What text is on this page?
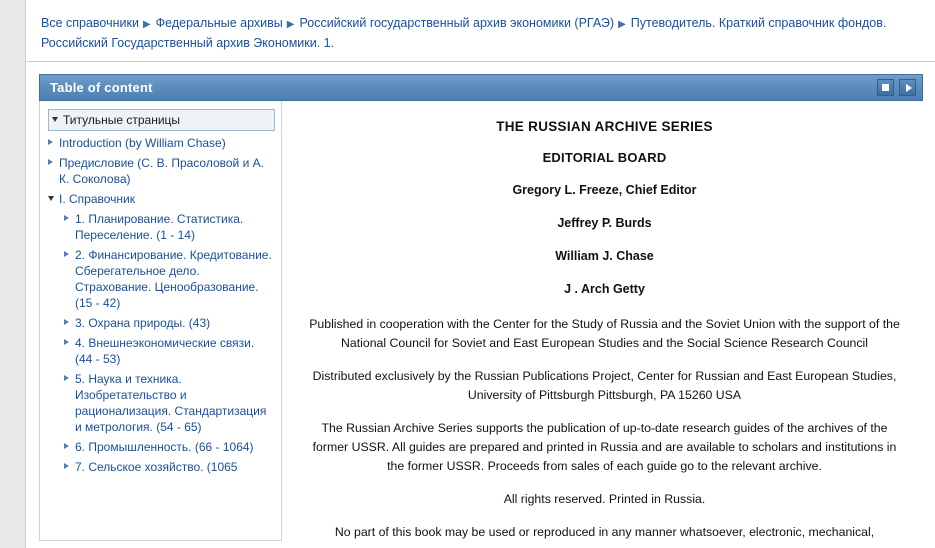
Все справочники ▶ Федеральные архивы ▶ Российский государственный архив экономики (РГАЭ) ▶ Путеводитель. Краткий справочник фондов. Российский Государственный архив Экономики. 1.
Table of content
Титульные страницы
Introduction (by William Chase)
Предисловие (С. В. Прасоловой и А. К. Соколова)
I. Справочник
1. Планирование. Статистика. Переселение. (1 - 14)
2. Финансирование. Кредитование. Сберегательное дело. Страхование. Ценообразование. (15 - 42)
3. Охрана природы. (43)
4. Внешнеэкономические связи. (44 - 53)
5. Наука и техника. Изобретательство и рационализация. Стандартизация и метрология. (54 - 65)
6. Промышленность. (66 - 1064)
7. Сельское хозяйство. (1065
THE RUSSIAN ARCHIVE SERIES
EDITORIAL BOARD
Gregory L. Freeze, Chief Editor
Jeffrey P. Burds
William J. Chase
J . Arch Getty
Published in cooperation with the Center for the Study of Russia and the Soviet Union with the support of the National Council for Soviet and East European Studies and the Social Science Research Council
Distributed exclusively by the Russian Publications Project, Center for Russian and East European Studies, University of Pittsburgh Pittsburgh, PA 15260 USA
The Russian Archive Series supports the publication of up-to-date research guides of the archives of the former USSR. All guides are prepared and printed in Russia and are available to scholars and institutions in the former USSR. Proceeds from sales of each guide go to the relevant archive.
All rights reserved. Printed in Russia.
No part of this book may be used or reproduced in any manner whatsoever, electronic, mechanical,
